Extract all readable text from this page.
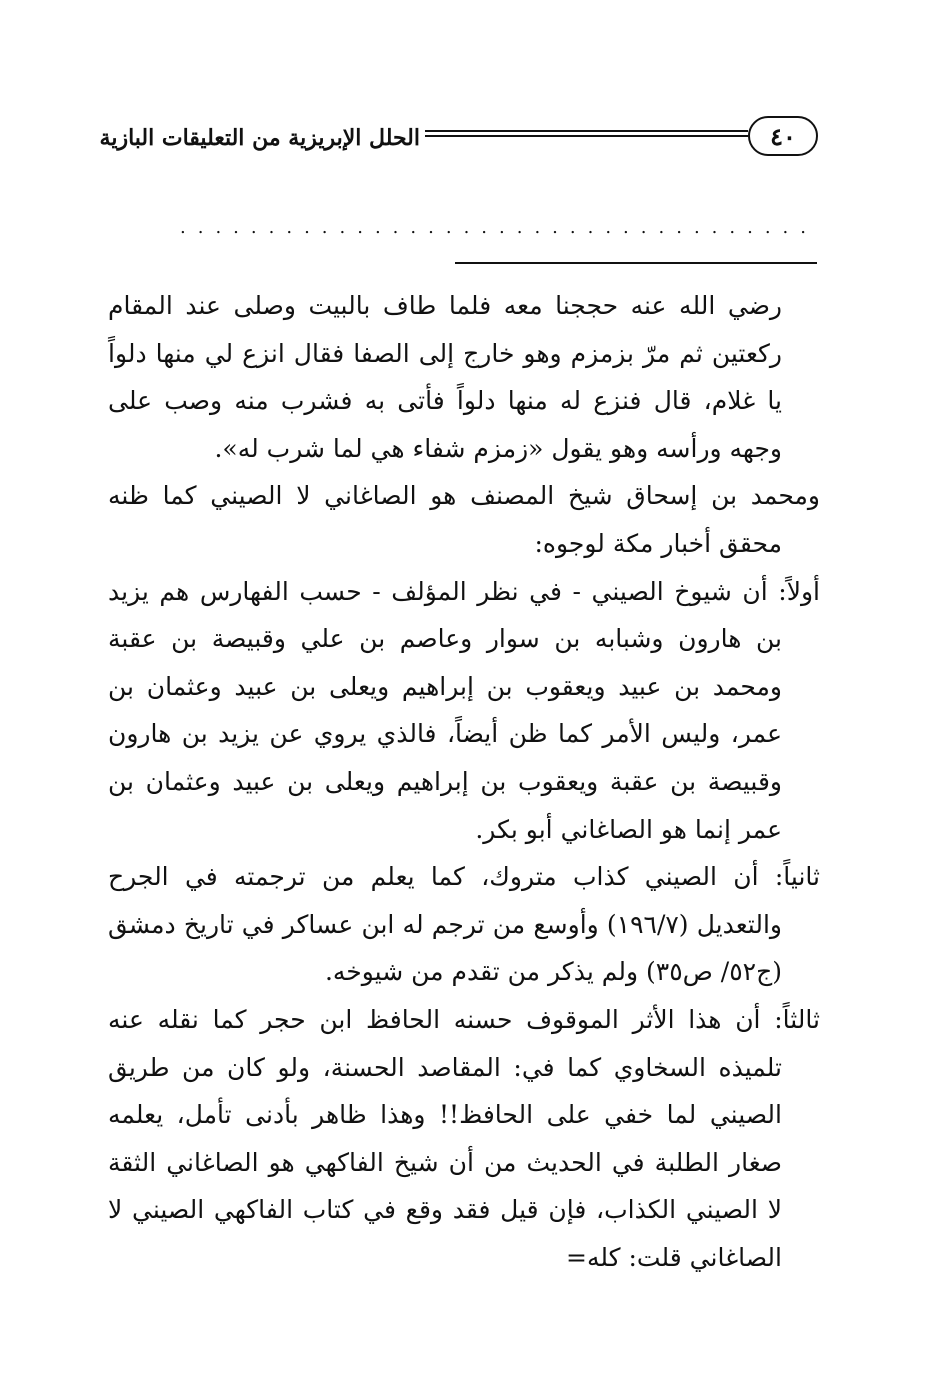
٤٠
الحلل الإبريزية من التعليقات البازية
....................................

رضي الله عنه حججنا معه فلما طاف بالبيت وصلى عند المقام ركعتين ثم مرّ بزمزم وهو خارج إلى الصفا فقال انزع لي منها دلواً يا غلام، قال فنزع له منها دلواً فأتى به فشرب منه وصب على وجهه ورأسه وهو يقول «زمزم شفاء هي لما شرب له».

ومحمد بن إسحاق شيخ المصنف هو الصاغاني لا الصيني كما ظنه محقق أخبار مكة لوجوه:

أولاً: أن شيوخ الصيني - في نظر المؤلف - حسب الفهارس هم يزيد بن هارون وشبابه بن سوار وعاصم بن علي وقبيصة بن عقبة ومحمد بن عبيد ويعقوب بن إبراهيم ويعلى بن عبيد وعثمان بن عمر، وليس الأمر كما ظن أيضاً، فالذي يروي عن يزيد بن هارون وقبيصة بن عقبة ويعقوب بن إبراهيم ويعلى بن عبيد وعثمان بن عمر إنما هو الصاغاني أبو بكر.

ثانياً: أن الصيني كذاب متروك، كما يعلم من ترجمته في الجرح والتعديل (١٩٦/٧) وأوسع من ترجم له ابن عساكر في تاريخ دمشق (ج٥٢/ ص٣٥) ولم يذكر من تقدم من شيوخه.

ثالثاً: أن هذا الأثر الموقوف حسنه الحافظ ابن حجر كما نقله عنه تلميذه السخاوي كما في: المقاصد الحسنة، ولو كان من طريق الصيني لما خفي على الحافظ!! وهذا ظاهر بأدنى تأمل، يعلمه صغار الطلبة في الحديث من أن شيخ الفاكهي هو الصاغاني الثقة لا الصيني الكذاب، فإن قيل فقد وقع في كتاب الفاكهي الصيني لا الصاغاني قلت: كله=
